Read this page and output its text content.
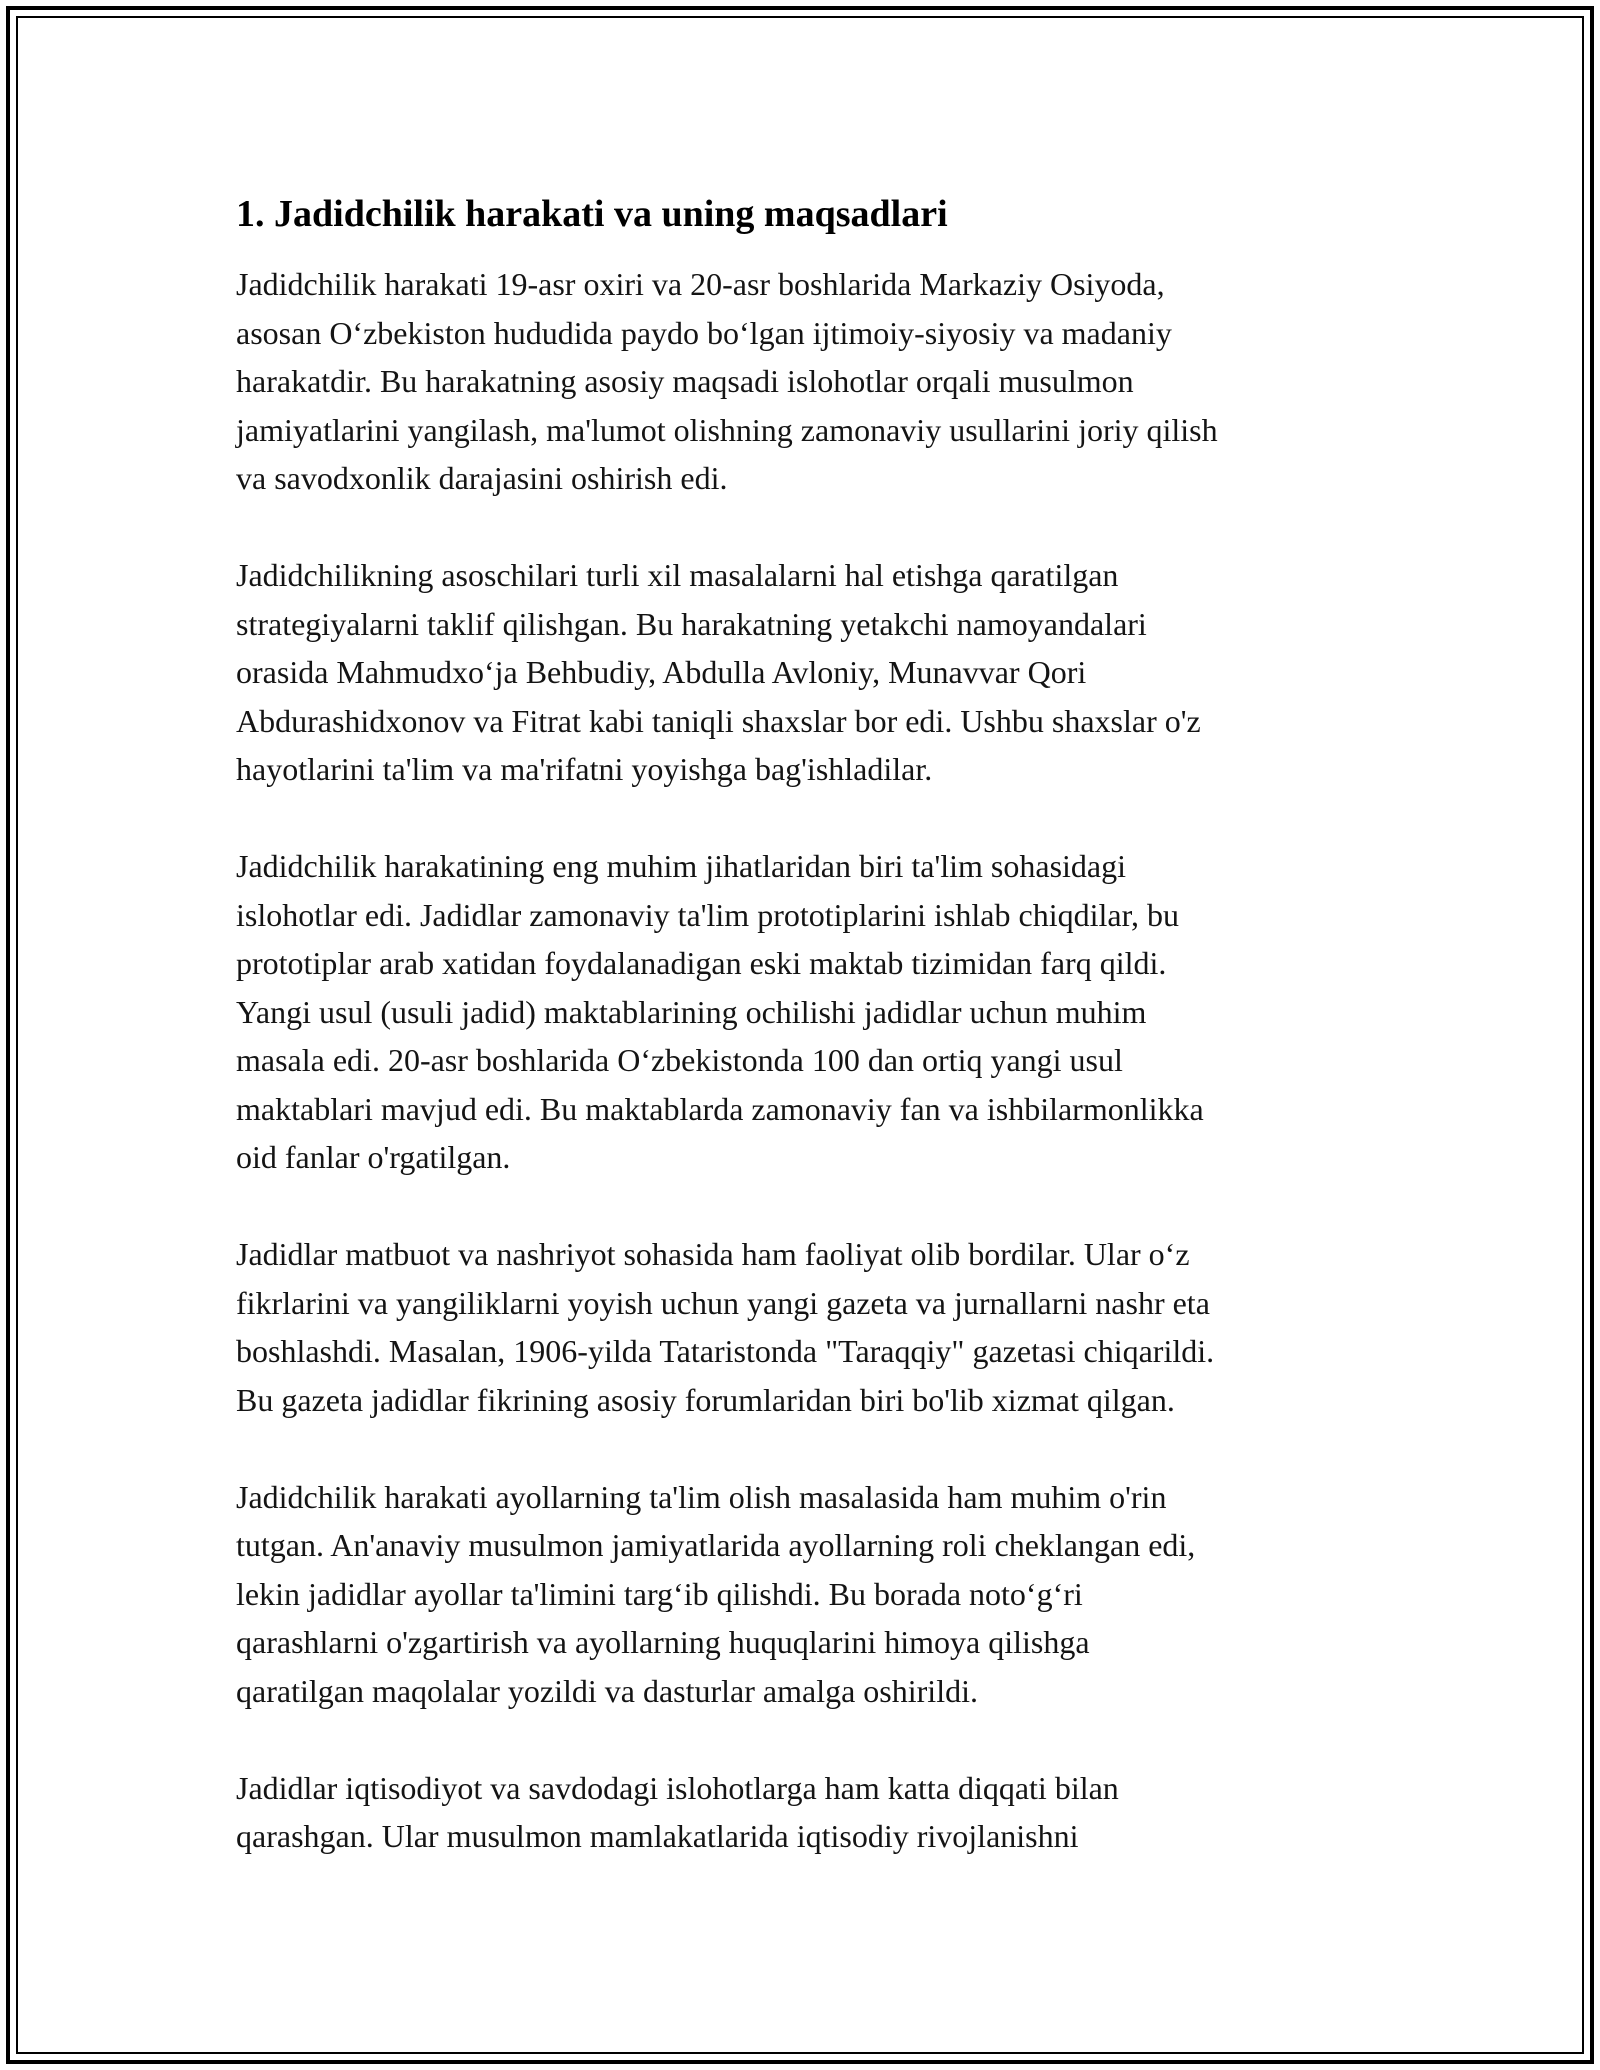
1. Jadidchilik harakati va uning maqsadlari

Jadidchilik harakati 19-asr oxiri va 20-asr boshlarida Markaziy Osiyoda,
asosan O‘zbekiston hududida paydo bo‘lgan ijtimoiy-siyosiy va madaniy
harakatdir. Bu harakatning asosiy maqsadi islohotlar orqali musulmon
jamiyatlarini yangilash, ma'lumot olishning zamonaviy usullarini joriy qilish
va savodxonlik darajasini oshirish edi.

Jadidchilikning asoschilari turli xil masalalarni hal etishga qaratilgan
strategiyalarni taklif qilishgan. Bu harakatning yetakchi namoyandalari
orasida Mahmudxo‘ja Behbudiy, Abdulla Avloniy, Munavvar Qori
Abdurashidxonov va Fitrat kabi taniqli shaxslar bor edi. Ushbu shaxslar o'z
hayotlarini ta'lim va ma'rifatni yoyishga bag'ishladilar.

Jadidchilik harakatining eng muhim jihatlaridan biri ta'lim sohasidagi
islohotlar edi. Jadidlar zamonaviy ta'lim prototiplarini ishlab chiqdilar, bu
prototiplar arab xatidan foydalanadigan eski maktab tizimidan farq qildi.
Yangi usul (usuli jadid) maktablarining ochilishi jadidlar uchun muhim
masala edi. 20-asr boshlarida O‘zbekistonda 100 dan ortiq yangi usul
maktablari mavjud edi. Bu maktablarda zamonaviy fan va ishbilarmonlikka
oid fanlar o'rgatilgan.

Jadidlar matbuot va nashriyot sohasida ham faoliyat olib bordilar. Ular o‘z
fikrlarini va yangiliklarni yoyish uchun yangi gazeta va jurnallarni nashr eta
boshlashdi. Masalan, 1906-yilda Tataristonda "Taraqqiy" gazetasi chiqarildi.
Bu gazeta jadidlar fikrining asosiy forumlaridan biri bo'lib xizmat qilgan.

Jadidchilik harakati ayollarning ta'lim olish masalasida ham muhim o'rin
tutgan. An'anaviy musulmon jamiyatlarida ayollarning roli cheklangan edi,
lekin jadidlar ayollar ta'limini targ‘ib qilishdi. Bu borada noto‘g‘ri
qarashlarni o'zgartirish va ayollarning huquqlarini himoya qilishga
qaratilgan maqolalar yozildi va dasturlar amalga oshirildi.

Jadidlar iqtisodiyot va savdodagi islohotlarga ham katta diqqati bilan
qarashgan. Ular musulmon mamlakatlarida iqtisodiy rivojlanishni
